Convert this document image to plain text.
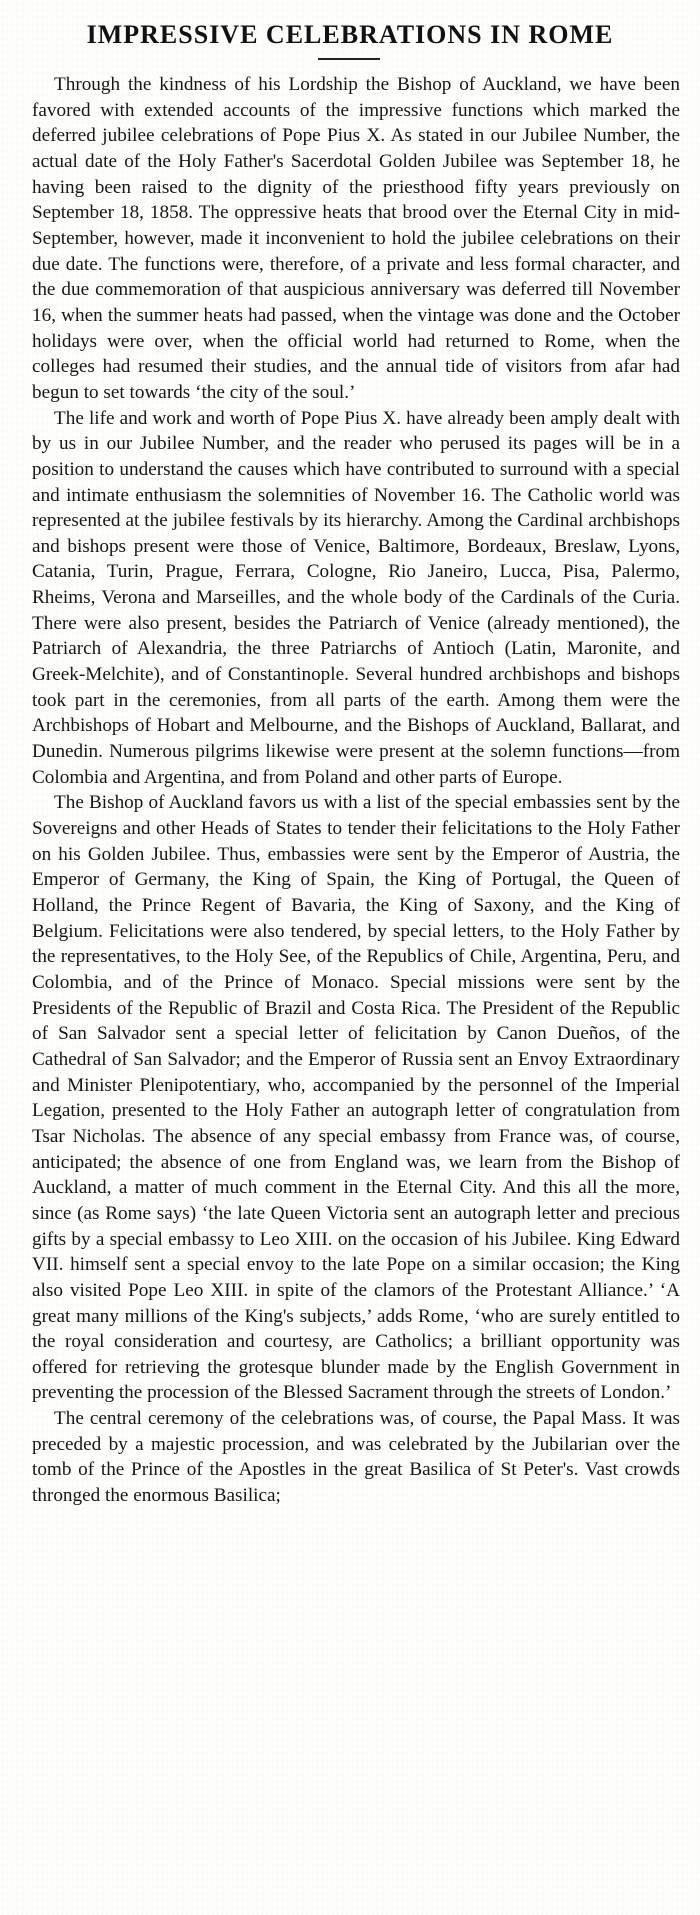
IMPRESSIVE CELEBRATIONS IN ROME

Through the kindness of his Lordship the Bishop of Auckland, we have been favored with extended accounts of the impressive functions which marked the deferred jubilee celebrations of Pope Pius X. As stated in our Jubilee Number, the actual date of the Holy Father's Sacerdotal Golden Jubilee was September 18, he having been raised to the dignity of the priesthood fifty years previously on September 18, 1858. The oppressive heats that brood over the Eternal City in mid-September, however, made it inconvenient to hold the jubilee celebrations on their due date. The functions were, therefore, of a private and less formal character, and the due commemoration of that auspicious anniversary was deferred till November 16, when the summer heats had passed, when the vintage was done and the October holidays were over, when the official world had returned to Rome, when the colleges had resumed their studies, and the annual tide of visitors from afar had begun to set towards ‘the city of the soul.’

The life and work and worth of Pope Pius X. have already been amply dealt with by us in our Jubilee Number, and the reader who perused its pages will be in a position to understand the causes which have contributed to surround with a special and intimate enthusiasm the solemnities of November 16. The Catholic world was represented at the jubilee festivals by its hierarchy. Among the Cardinal archbishops and bishops present were those of Venice, Baltimore, Bordeaux, Breslaw, Lyons, Catania, Turin, Prague, Ferrara, Cologne, Rio Janeiro, Lucca, Pisa, Palermo, Rheims, Verona and Marseilles, and the whole body of the Cardinals of the Curia. There were also present, besides the Patriarch of Venice (already mentioned), the Patriarch of Alexandria, the three Patriarchs of Antioch (Latin, Maronite, and Greek-Melchite), and of Constantinople. Several hundred archbishops and bishops took part in the ceremonies, from all parts of the earth. Among them were the Archbishops of Hobart and Melbourne, and the Bishops of Auckland, Ballarat, and Dunedin. Numerous pilgrims likewise were present at the solemn functions—from Colombia and Argentina, and from Poland and other parts of Europe.

The Bishop of Auckland favors us with a list of the special embassies sent by the Sovereigns and other Heads of States to tender their felicitations to the Holy Father on his Golden Jubilee. Thus, embassies were sent by the Emperor of Austria, the Emperor of Germany, the King of Spain, the King of Portugal, the Queen of Holland, the Prince Regent of Bavaria, the King of Saxony, and the King of Belgium. Felicitations were also tendered, by special letters, to the Holy Father by the representatives, to the Holy See, of the Republics of Chile, Argentina, Peru, and Colombia, and of the Prince of Monaco. Special missions were sent by the Presidents of the Republic of Brazil and Costa Rica. The President of the Republic of San Salvador sent a special letter of felicitation by Canon Dueños, of the Cathedral of San Salvador; and the Emperor of Russia sent an Envoy Extraordinary and Minister Plenipotentiary, who, accompanied by the personnel of the Imperial Legation, presented to the Holy Father an autograph letter of congratulation from Tsar Nicholas. The absence of any special embassy from France was, of course, anticipated; the absence of one from England was, we learn from the Bishop of Auckland, a matter of much comment in the Eternal City. And this all the more, since (as Rome says) ‘the late Queen Victoria sent an autograph letter and precious gifts by a special embassy to Leo XIII. on the occasion of his Jubilee. King Edward VII. himself sent a special envoy to the late Pope on a similar occasion; the King also visited Pope Leo XIII. in spite of the clamors of the Protestant Alliance.’ ‘A great many millions of the King's subjects,’ adds Rome, ‘who are surely entitled to the royal consideration and courtesy, are Catholics; a brilliant opportunity was offered for retrieving the grotesque blunder made by the English Government in preventing the procession of the Blessed Sacrament through the streets of London.’

The central ceremony of the celebrations was, of course, the Papal Mass. It was preceded by a majestic procession, and was celebrated by the Jubilarian over the tomb of the Prince of the Apostles in the great Basilica of St Peter's. Vast crowds thronged the enormous Basilica;
